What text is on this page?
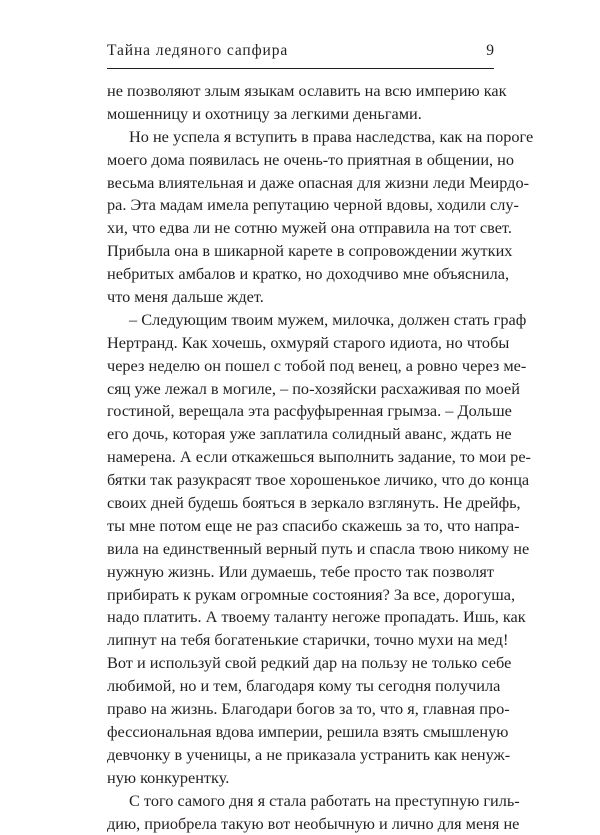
Тайна ледяного сапфира	9
не позволяют злым языкам ославить на всю империю как
мошенницу и охотницу за легкими деньгами.
Но не успела я вступить в права наследства, как на пороге
моего дома появилась не очень-то приятная в общении, но
весьма влиятельная и даже опасная для жизни леди Меирдо-
ра. Эта мадам имела репутацию черной вдовы, ходили слу-
хи, что едва ли не сотню мужей она отправила на тот свет.
Прибыла она в шикарной карете в сопровождении жутких
небритых амбалов и кратко, но доходчиво мне объяснила,
что меня дальше ждет.
– Следующим твоим мужем, милочка, должен стать граф
Нертранд. Как хочешь, охмуряй старого идиота, но чтобы
через неделю он пошел с тобой под венец, а ровно через ме-
сяц уже лежал в могиле, – по-хозяйски расхаживая по моей
гостиной, верещала эта расфуфыренная грымза. – Дольше
его дочь, которая уже заплатила солидный аванс, ждать не
намерена. А если откажешься выполнить задание, то мои ре-
бятки так разукрасят твое хорошенькое личико, что до конца
своих дней будешь бояться в зеркало взглянуть. Не дрейфь,
ты мне потом еще не раз спасибо скажешь за то, что напра-
вила на единственный верный путь и спасла твою никому не
нужную жизнь. Или думаешь, тебе просто так позволят
прибирать к рукам огромные состояния? За все, дорогуша,
надо платить. А твоему таланту негоже пропадать. Ишь, как
липнут на тебя богатенькие старички, точно мухи на мед!
Вот и используй свой редкий дар на пользу не только себе
любимой, но и тем, благодаря кому ты сегодня получила
право на жизнь. Благодари богов за то, что я, главная про-
фессиональная вдова империи, решила взять смышленую
девчонку в ученицы, а не приказала устранить как ненуж-
ную конкурентку.
С того самого дня я стала работать на преступную гиль-
дию, приобрела такую вот необычную и лично для меня не
